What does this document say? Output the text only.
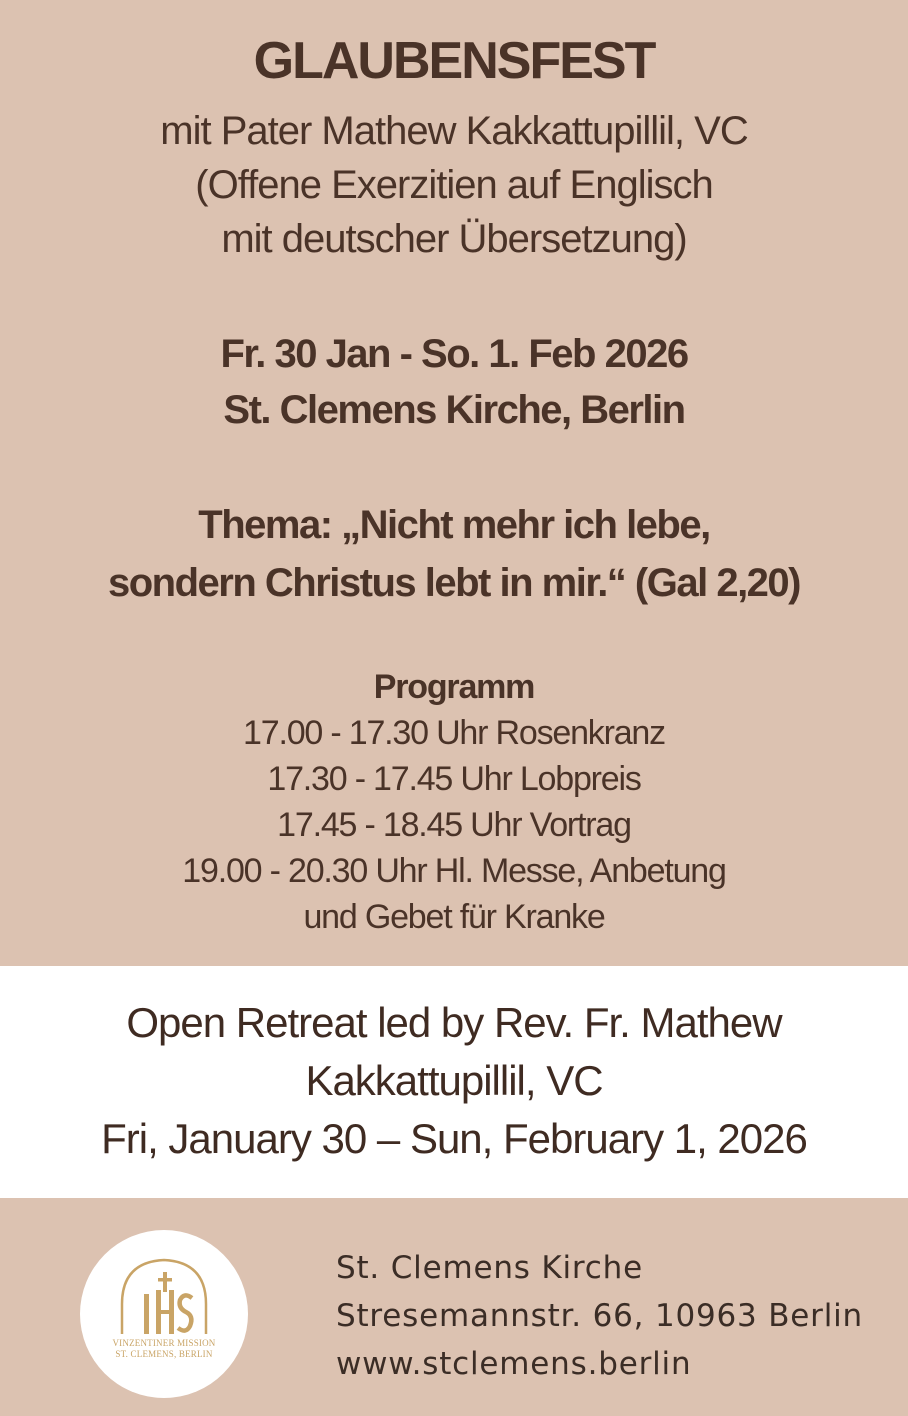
GLAUBENSFEST
mit Pater Mathew Kakkattupillil, VC
(Offene Exerzitien auf Englisch
mit deutscher Übersetzung)
Fr. 30 Jan - So. 1. Feb 2026
St. Clemens Kirche, Berlin
Thema: „Nicht mehr ich lebe,
sondern Christus lebt in mir.“ (Gal 2,20)
Programm
17.00 - 17.30 Uhr Rosenkranz
17.30 - 17.45 Uhr Lobpreis
17.45 - 18.45 Uhr Vortrag
19.00 - 20.30 Uhr Hl. Messe, Anbetung
und Gebet für Kranke
Open Retreat led by Rev. Fr. Mathew
Kakkattupillil, VC
Fri, January 30 – Sun, February 1, 2026
VINZENTINER MISSION
ST. CLEMENS, BERLIN
St. Clemens Kirche
Stresemannstr. 66, 10963 Berlin
www.stclemens.berlin
